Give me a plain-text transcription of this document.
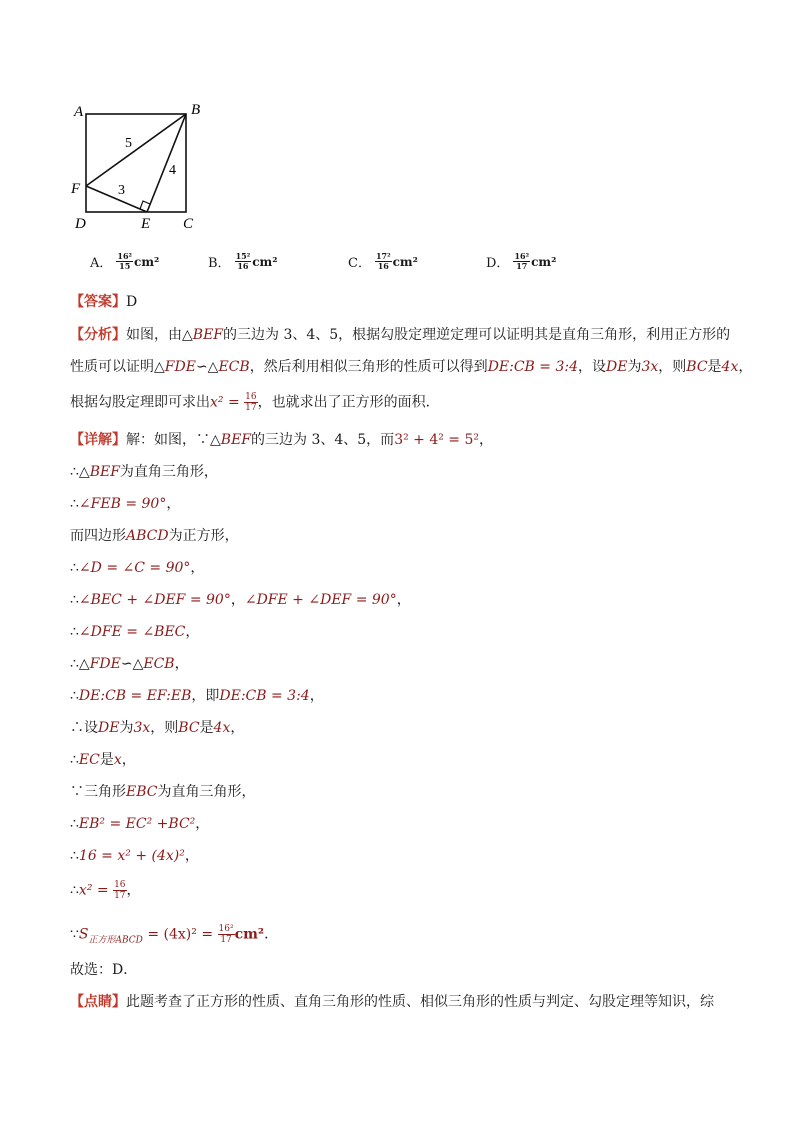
A	B
C
D	E
F
5
3
4
A． $\frac{\text{16²}}{15} cm^2$	B． $\frac{\text{15²}}{16} cm^2$	C． $\frac{\text{17²}}{16} cm^2$	D． $\frac{\text{16²}}{17} cm^2$
【答案】D
【分析】如图，由△BEF的三边为 3、4、5，根据勾股定理逆定理可以证明其是直角三角形，利用正方形的
性质可以证明△FDE∽△ECB，然后利用相似三角形的性质可以得到DE:CB = 3:4，设DE为3x，则BC是4x，
根据勾股定理即可求出$x^2 = \frac{16}{17}$ ，也就求出了正方形的面积．
【详解】解：如图，∵△BEF的三边为 3、4、5，而3² + 4² = 5²，
∴△BEF为直角三角形，
∴∠FEB = 90°，
而四边形ABCD为正方形，
∴∠D = ∠C = 90°，
∴∠BEC + ∠DEF = 90°，∠DFE + ∠DEF = 90°，
∴∠DFE = ∠BEC，
∴△FDE∽△ECB，
∴DE:CB = EF:EB，即DE:CB = 3:4，
∴设DE为3x，则BC是4x，
∴EC是x，
∵三角形EBC为直角三角形，
∴EB² = EC² +BC²，
∴16 = x² + (4x)²，
∴x² = $\frac{16}{17}$ ，
$\because S_{正方形ABCD} = (4x)^2 = \frac{\text{16²}}{17} cm^2$．
故选：D．
【点睛】此题考查了正方形的性质、直角三角形的性质、相似三角形的性质与判定、勾股定理等知识，综
